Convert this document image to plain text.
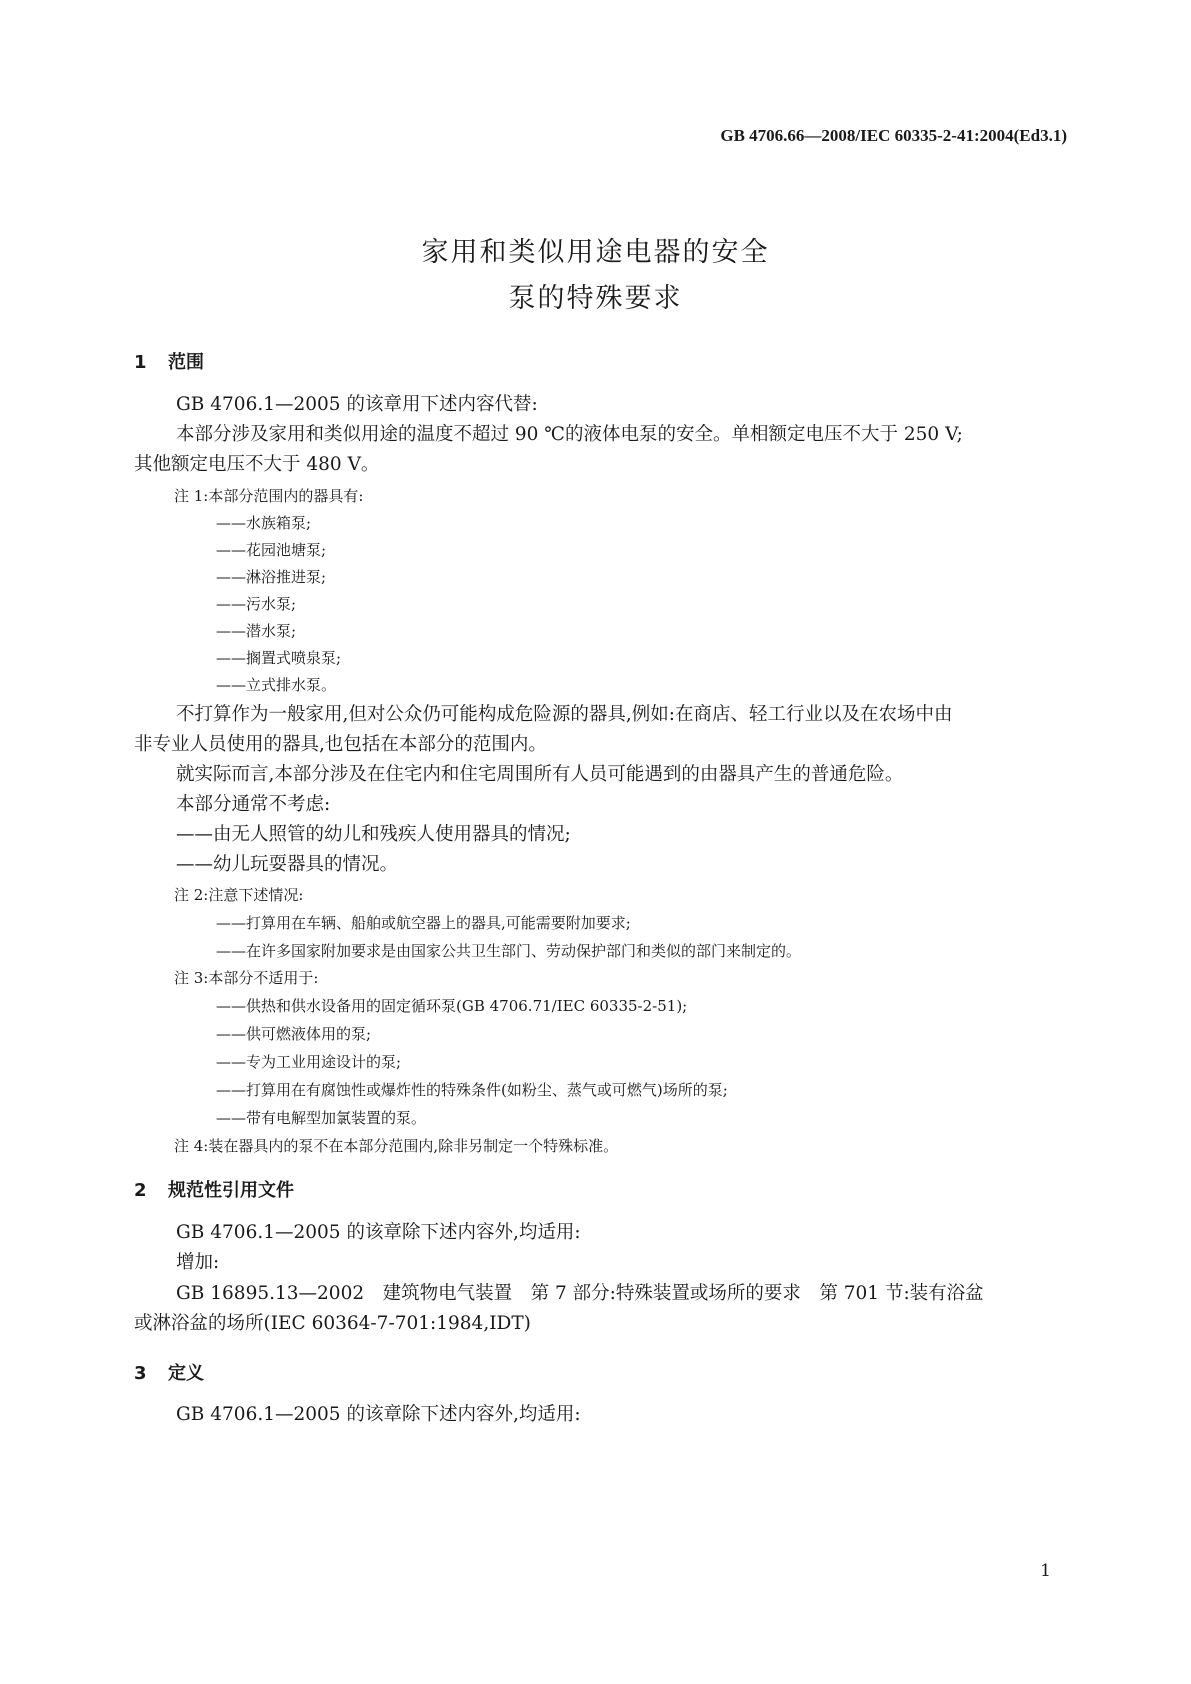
GB 4706.66—2008/IEC 60335-2-41:2004(Ed3.1)
家用和类似用途电器的安全
泵的特殊要求
1 范围
GB 4706.1—2005 的该章用下述内容代替:
本部分涉及家用和类似用途的温度不超过 90 ℃的液体电泵的安全。单相额定电压不大于 250 V;
其他额定电压不大于 480 V。
注 1:本部分范围内的器具有:
——水族箱泵;
——花园池塘泵;
——淋浴推进泵;
——污水泵;
——潜水泵;
——搁置式喷泉泵;
——立式排水泵。
不打算作为一般家用,但对公众仍可能构成危险源的器具,例如:在商店、轻工行业以及在农场中由
非专业人员使用的器具,也包括在本部分的范围内。
就实际而言,本部分涉及在住宅内和住宅周围所有人员可能遇到的由器具产生的普通危险。
本部分通常不考虑:
——由无人照管的幼儿和残疾人使用器具的情况;
——幼儿玩耍器具的情况。
注 2:注意下述情况:
——打算用在车辆、船舶或航空器上的器具,可能需要附加要求;
——在许多国家附加要求是由国家公共卫生部门、劳动保护部门和类似的部门来制定的。
注 3:本部分不适用于:
——供热和供水设备用的固定循环泵(GB 4706.71/IEC 60335-2-51);
——供可燃液体用的泵;
——专为工业用途设计的泵;
——打算用在有腐蚀性或爆炸性的特殊条件(如粉尘、蒸气或可燃气)场所的泵;
——带有电解型加氯装置的泵。
注 4:装在器具内的泵不在本部分范围内,除非另制定一个特殊标准。
2 规范性引用文件
GB 4706.1—2005 的该章除下述内容外,均适用:
增加:
GB 16895.13—2002　建筑物电气装置　第 7 部分:特殊装置或场所的要求　第 701 节:装有浴盆
或淋浴盆的场所(IEC 60364-7-701:1984,IDT)
3 定义
GB 4706.1—2005 的该章除下述内容外,均适用:
1
